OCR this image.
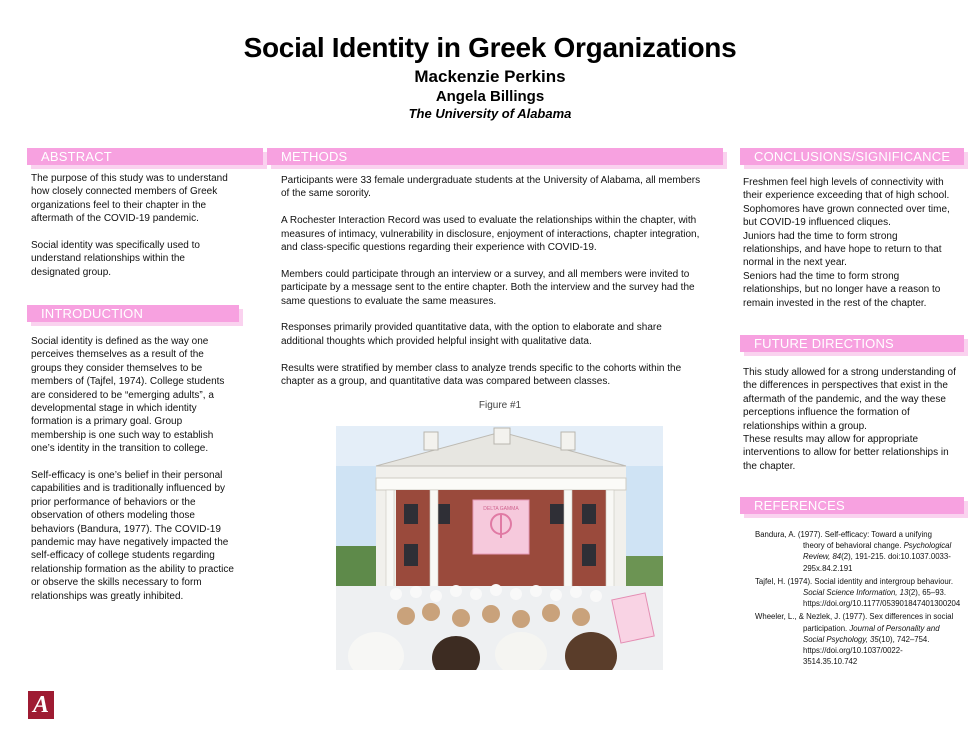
Social Identity in Greek Organizations
Mackenzie Perkins
Angela Billings
The University of Alabama
ABSTRACT

The purpose of this study was to understand how closely connected members of Greek organizations feel to their chapter in the aftermath of the COVID-19 pandemic.

Social identity was specifically used to understand relationships within the designated group.

INTRODUCTION

Social identity is defined as the way one perceives themselves as a result of the groups they consider themselves to be members of (Tajfel, 1974). College students are considered to be “emerging adults”, a developmental stage in which identity formation is a primary goal. Group membership is one such way to establish one’s identity in the transition to college.

Self-efficacy is one’s belief in their personal capabilities and is traditionally influenced by prior performance of behaviors or the observation of others modeling those behaviors (Bandura, 1977). The COVID-19 pandemic may have negatively impacted the self-efficacy of college students regarding relationship formation as the ability to practice or observe the skills necessary to form relationships was greatly inhibited.

METHODS

Participants were 33 female undergraduate students at the University of Alabama, all members of the same sorority.

A Rochester Interaction Record was used to evaluate the relationships within the chapter, with measures of intimacy, vulnerability in disclosure, enjoyment of interactions, chapter integration, and class-specific questions regarding their experience with COVID-19.

Members could participate through an interview or a survey, and all members were invited to participate by a message sent to the entire chapter. Both the interview and the survey had the same questions to evaluate the same measures.

Responses primarily provided quantitative data, with the option to elaborate and share additional thoughts which provided helpful insight with qualitative data.

Results were stratified by member class to analyze trends specific to the cohorts within the chapter as a group, and quantitative data was compared between classes.

Figure #1
DELTA GAMMA
CONCLUSIONS/SIGNIFICANCE
Freshmen feel high levels of connectivity with their experience exceeding that of high school.
Sophomores have grown connected over time, but COVID-19 influenced cliques.
Juniors had the time to form strong relationships, and have hope to return to that normal in the next year.
Seniors had the time to form strong relationships, but no longer have a reason to remain invested in the rest of the chapter.
FUTURE DIRECTIONS
This study allowed for a strong understanding of the differences in perspectives that exist in the aftermath of the pandemic, and the way these perceptions influence the formation of relationships within a group.
These results may allow for appropriate interventions to allow for better relationships in the chapter.
REFERENCES
Bandura, A. (1977). Self-efficacy: Toward a unifying theory of behavioral change. Psychological Review, 84(2), 191-215. doi:10.1037.0033-295x.84.2.191
Tajfel, H. (1974). Social identity and intergroup behaviour. Social Science Information, 13(2), 65–93. https://doi.org/10.1177/053901847401300204
Wheeler, L., & Nezlek, J. (1977). Sex differences in social participation. Journal of Personality and Social Psychology, 35(10), 742–754. https://doi.org/10.1037/0022-3514.35.10.742
A
